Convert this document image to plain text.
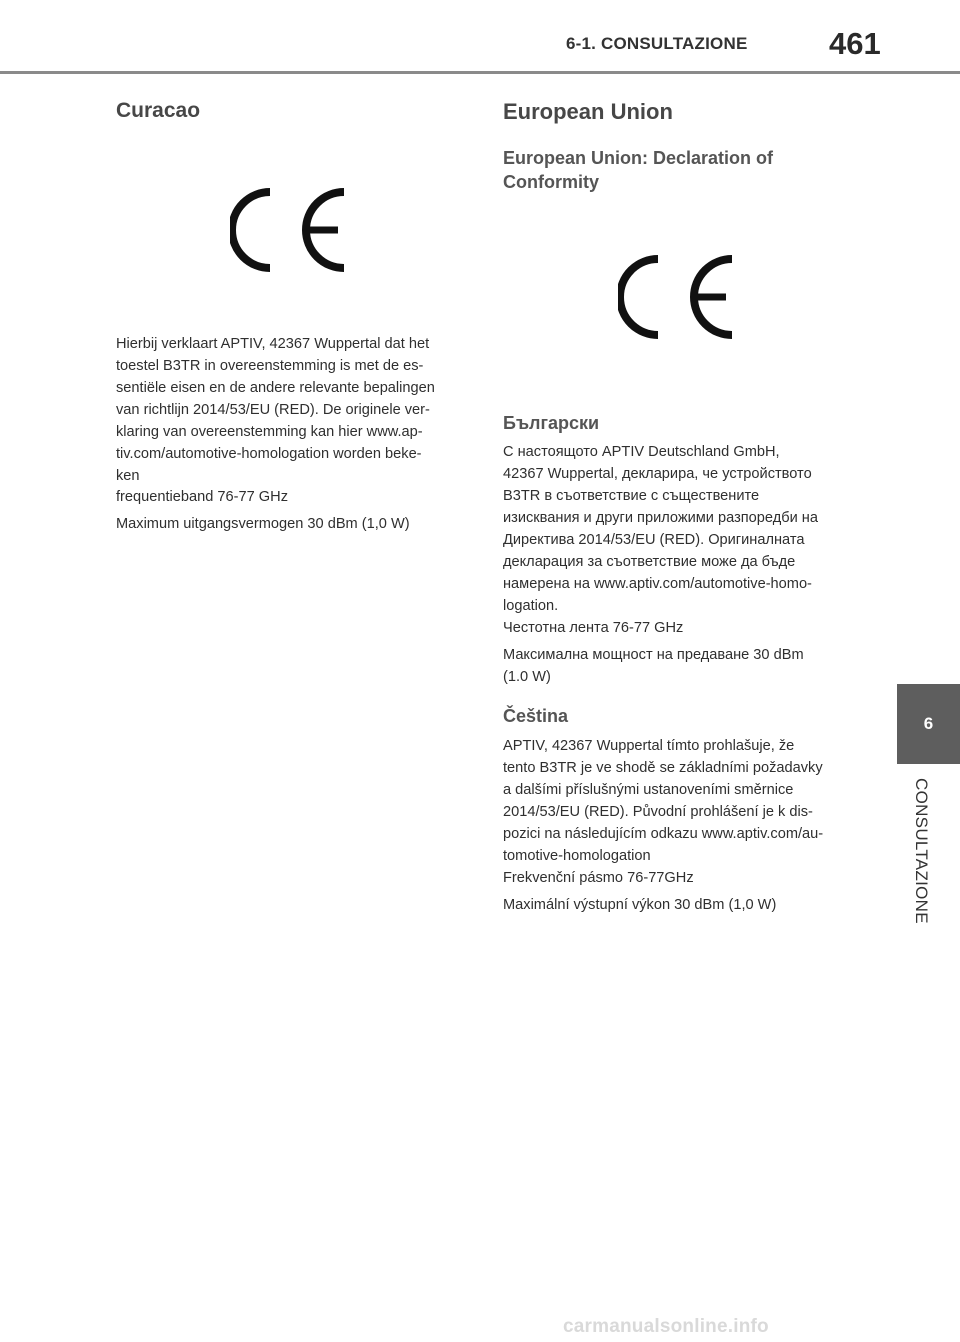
6-1. CONSULTAZIONE	461
Curacao
Hierbij verklaart APTIV, 42367 Wuppertal dat het
toestel B3TR in overeenstemming is met de es-
sentiële eisen en de andere relevante bepalingen
van richtlijn 2014/53/EU (RED). De originele ver-
klaring van overeenstemming kan hier www.ap-
tiv.com/automotive-homologation worden beke-
ken
frequentieband 76-77 GHz
Maximum uitgangsvermogen 30 dBm (1,0 W)
European Union
European Union: Declaration of
Conformity
Български
С настоящото APTIV Deutschland GmbH,
42367 Wuppertal, декларира, че устройството
B3TR в съответствие с съществените
изисквания и други приложими разпоредби на
Директива 2014/53/EU (RED). Оригиналната
декларация за съответствие може да бъде
намерена на www.aptiv.com/automotive-homo-
logation.
Честотна лента 76-77 GHz
Максимална мощност на предаване 30 dBm
(1.0 W)
Čeština
APTIV, 42367 Wuppertal tímto prohlašuje, že
tento B3TR je ve shodě se základními požadavky
a dalšími příslušnými ustanoveními směrnice
2014/53/EU (RED). Původní prohlášení je k dis-
pozici na následujícím odkazu www.aptiv.com/au-
tomotive-homologation
Frekvenční pásmo 76-77GHz
Maximální výstupní výkon 30 dBm (1,0 W)
6
CONSULTAZIONE
carmanualsonline.info
